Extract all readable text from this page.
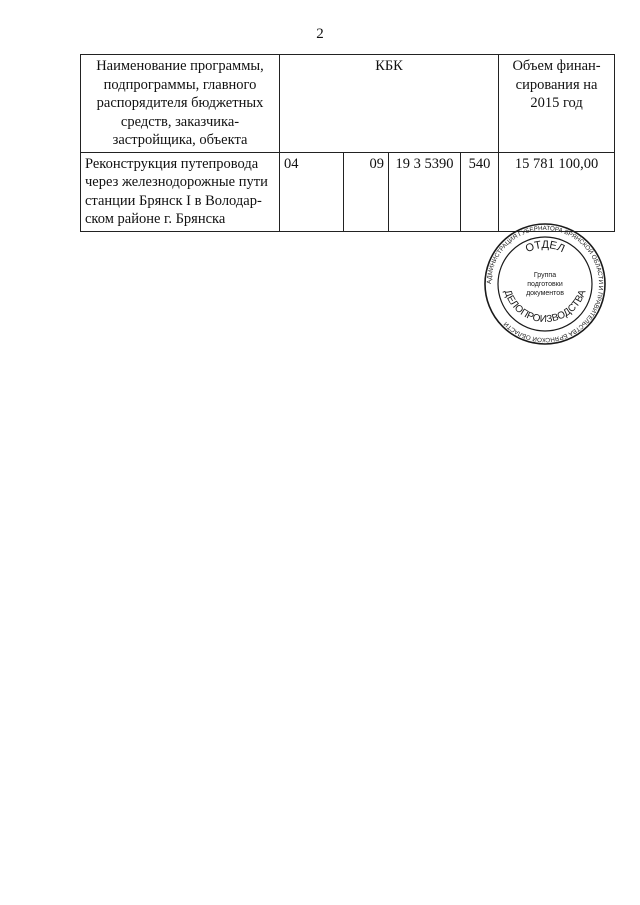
2
Наименование программы, подпрограммы, главного распорядителя бюджетных средств, заказчика-застройщика, объекта	КБК				Объем финан-сирования на 2015 год
Реконструкция путепровода через железнодорожные пути станции Брянск I в Володар-ском районе г. Брянска	04	09	19 3 5390	540	15 781 100,00
АДМИНИСТРАЦИЯ ГУБЕРНАТОРА БРЯНСКОЙ ОБЛАСТИ И ПРАВИТЕЛЬСТВА БРЯНСКОЙ ОБЛАСТИ
ОТДЕЛ
ДЕЛОПРОИЗВОДСТВА
Группа
подготовки
документов
